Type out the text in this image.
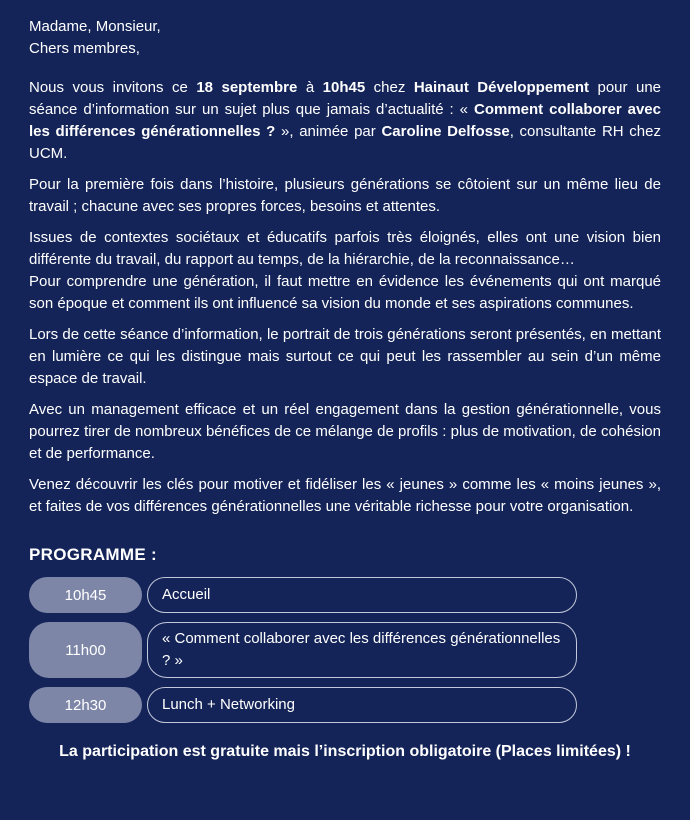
Madame, Monsieur,

Chers membres,

Nous vous invitons ce 18 septembre à 10h45 chez Hainaut Développement pour une séance d’information sur un sujet plus que jamais d’actualité : « Comment collaborer avec les différences générationnelles ? », animée par Caroline Delfosse, consultante RH chez UCM.

Pour la première fois dans l’histoire, plusieurs générations se côtoient sur un même lieu de travail ; chacune avec ses propres forces, besoins et attentes.

Issues de contextes sociétaux et éducatifs parfois très éloignés, elles ont une vision bien différente du travail, du rapport au temps, de la hiérarchie, de la reconnaissance…
Pour comprendre une génération, il faut mettre en évidence les événements qui ont marqué son époque et comment ils ont influencé sa vision du monde et ses aspirations communes.

Lors de cette séance d’information, le portrait de trois générations seront présentés, en mettant en lumière ce qui les distingue mais surtout ce qui peut les rassembler au sein d’un même espace de travail.

Avec un management efficace et un réel engagement dans la gestion générationnelle, vous pourrez tirer de nombreux bénéfices de ce mélange de profils : plus de motivation, de cohésion et de performance.

Venez découvrir les clés pour motiver et fidéliser les « jeunes » comme les « moins jeunes », et faites de vos différences générationnelles une véritable richesse pour votre organisation.

PROGRAMME :
10h45	Accueil
11h00
« Comment collaborer avec les différences générationnelles ? »
12h30	Lunch + Networking

La participation est gratuite mais l’inscription obligatoire (Places limitées) !
